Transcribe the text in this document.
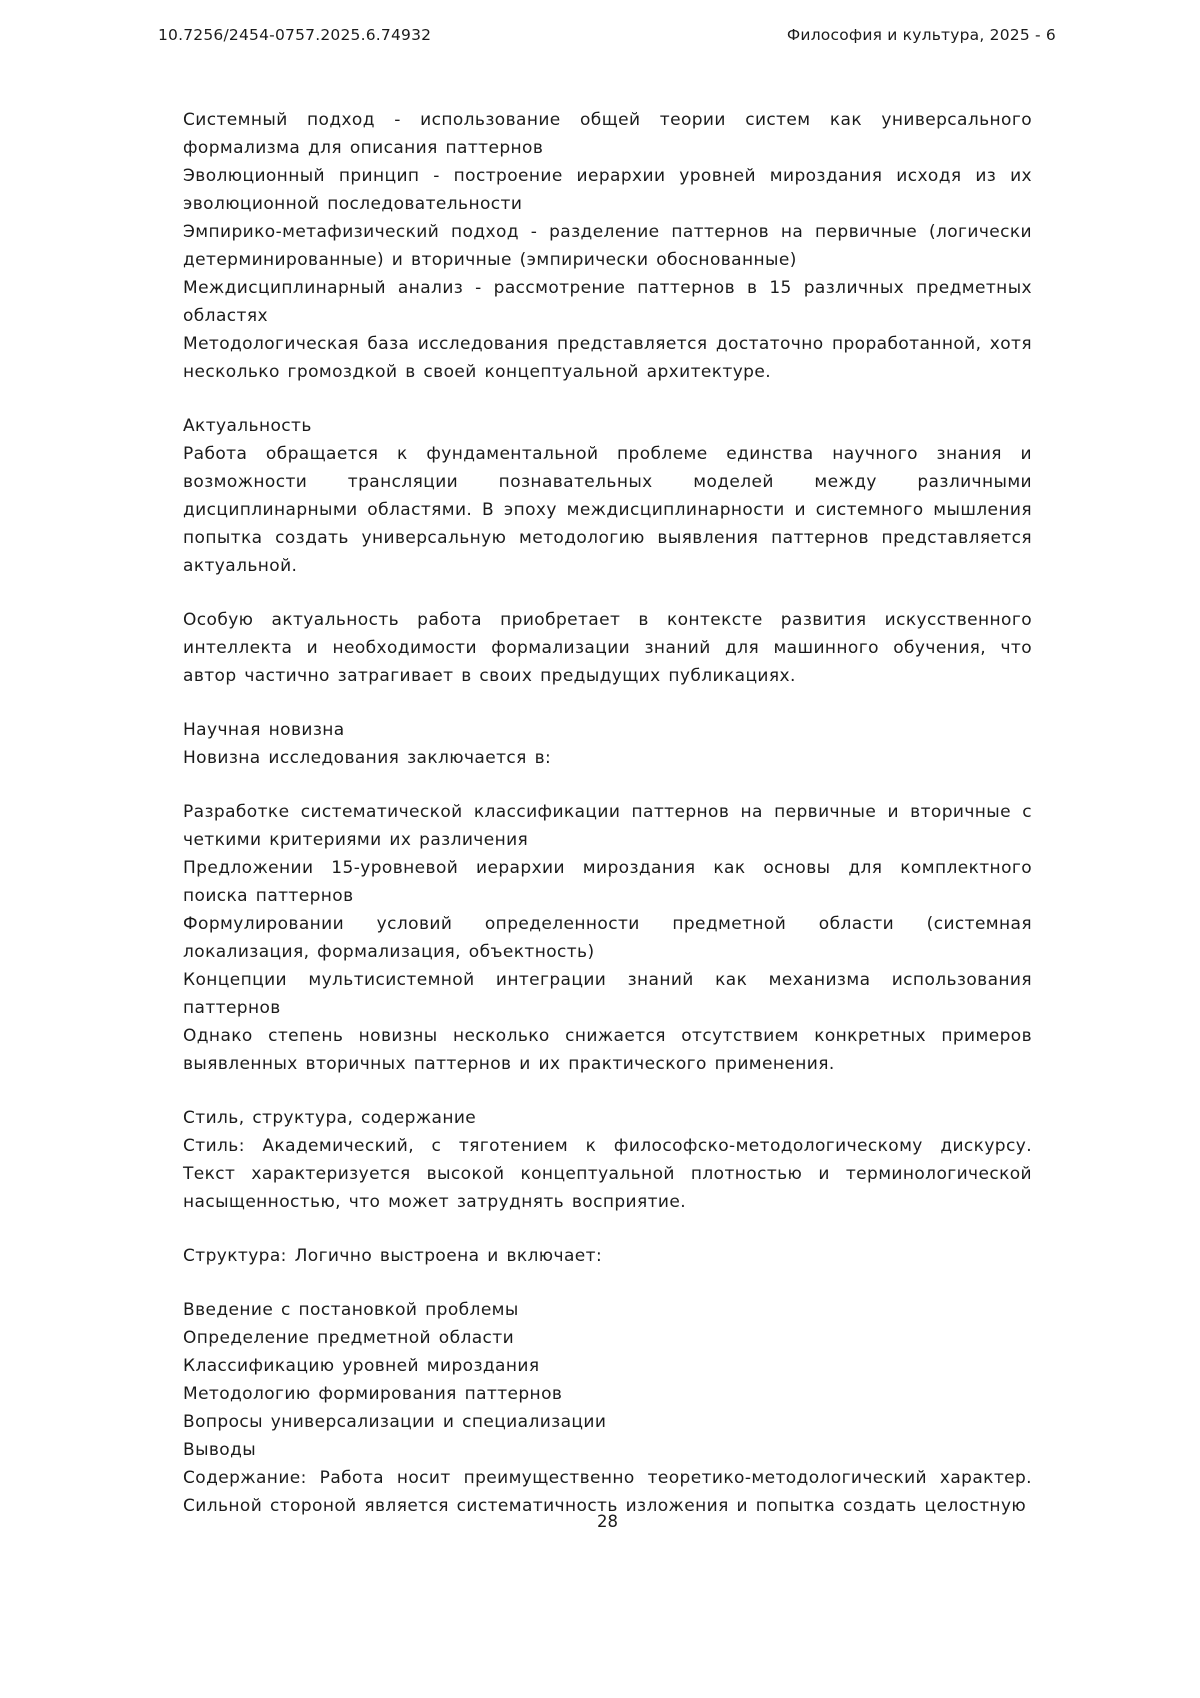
10.7256/2454-0757.2025.6.74932	Философия и культура, 2025 - 6

Системный подход - использование общей теории систем как универсального формализма для описания паттернов

Эволюционный принцип - построение иерархии уровней мироздания исходя из их эволюционной последовательности

Эмпирико-метафизический подход - разделение паттернов на первичные (логически детерминированные) и вторичные (эмпирически обоснованные)

Междисциплинарный анализ - рассмотрение паттернов в 15 различных предметных областях

Методологическая база исследования представляется достаточно проработанной, хотя несколько громоздкой в своей концептуальной архитектуре.

Актуальность

Работа обращается к фундаментальной проблеме единства научного знания и возможности трансляции познавательных моделей между различными дисциплинарными областями. В эпоху междисциплинарности и системного мышления попытка создать универсальную методологию выявления паттернов представляется актуальной.

Особую актуальность работа приобретает в контексте развития искусственного интеллекта и необходимости формализации знаний для машинного обучения, что автор частично затрагивает в своих предыдущих публикациях.

Научная новизна

Новизна исследования заключается в:

Разработке систематической классификации паттернов на первичные и вторичные с четкими критериями их различения

Предложении 15-уровневой иерархии мироздания как основы для комплектного поиска паттернов

Формулировании условий определенности предметной области (системная локализация, формализация, объектность)

Концепции мультисистемной интеграции знаний как механизма использования паттернов

Однако степень новизны несколько снижается отсутствием конкретных примеров выявленных вторичных паттернов и их практического применения.

Стиль, структура, содержание

Стиль: Академический, с тяготением к философско-методологическому дискурсу. Текст характеризуется высокой концептуальной плотностью и терминологической насыщенностью, что может затруднять восприятие.

Структура: Логично выстроена и включает:

Введение с постановкой проблемы

Определение предметной области

Классификацию уровней мироздания

Методологию формирования паттернов

Вопросы универсализации и специализации

Выводы

Содержание: Работа носит преимущественно теоретико-методологический характер. Сильной стороной является систематичность изложения и попытка создать целостную

28
